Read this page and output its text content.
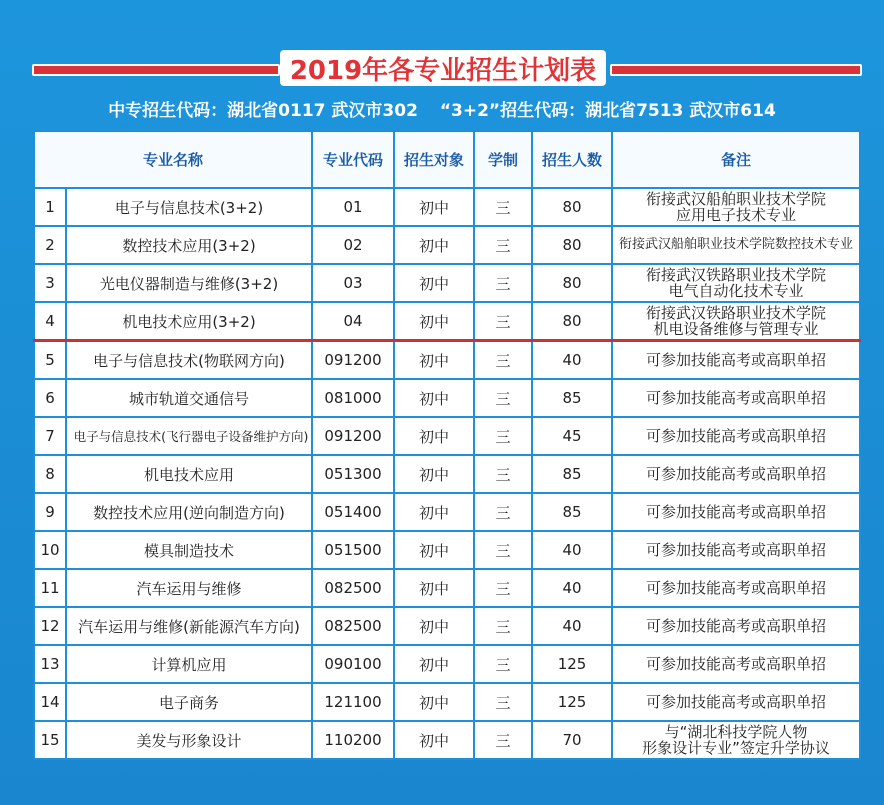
2019年各专业招生计划表
中专招生代码：湖北省0117 武汉市302 “3+2”招生代码：湖北省7513 武汉市614
专业名称		专业代码	招生对象	学制	招生人数	备注
1	电子与信息技术(3+2)	01	初中	三	80	衔接武汉船舶职业技术学院
应用电子技术专业
2	数控技术应用(3+2)	02	初中	三	80	衔接武汉船舶职业技术学院数控技术专业
3	光电仪器制造与维修(3+2)	03	初中	三	80	衔接武汉铁路职业技术学院
电气自动化技术专业
4	机电技术应用(3+2)	04	初中	三	80	衔接武汉铁路职业技术学院
机电设备维修与管理专业
5	电子与信息技术(物联网方向)	091200	初中	三	40	可参加技能高考或高职单招
6	城市轨道交通信号	081000	初中	三	85	可参加技能高考或高职单招
7	电子与信息技术(飞行器电子设备维护方向)	091200	初中	三	45	可参加技能高考或高职单招
8	机电技术应用	051300	初中	三	85	可参加技能高考或高职单招
9	数控技术应用(逆向制造方向)	051400	初中	三	85	可参加技能高考或高职单招
10	模具制造技术	051500	初中	三	40	可参加技能高考或高职单招
11	汽车运用与维修	082500	初中	三	40	可参加技能高考或高职单招
12	汽车运用与维修(新能源汽车方向)	082500	初中	三	40	可参加技能高考或高职单招
13	计算机应用	090100	初中	三	125	可参加技能高考或高职单招
14	电子商务	121100	初中	三	125	可参加技能高考或高职单招
15	美发与形象设计	110200	初中	三	70	与“湖北科技学院人物
形象设计专业”签定升学协议
